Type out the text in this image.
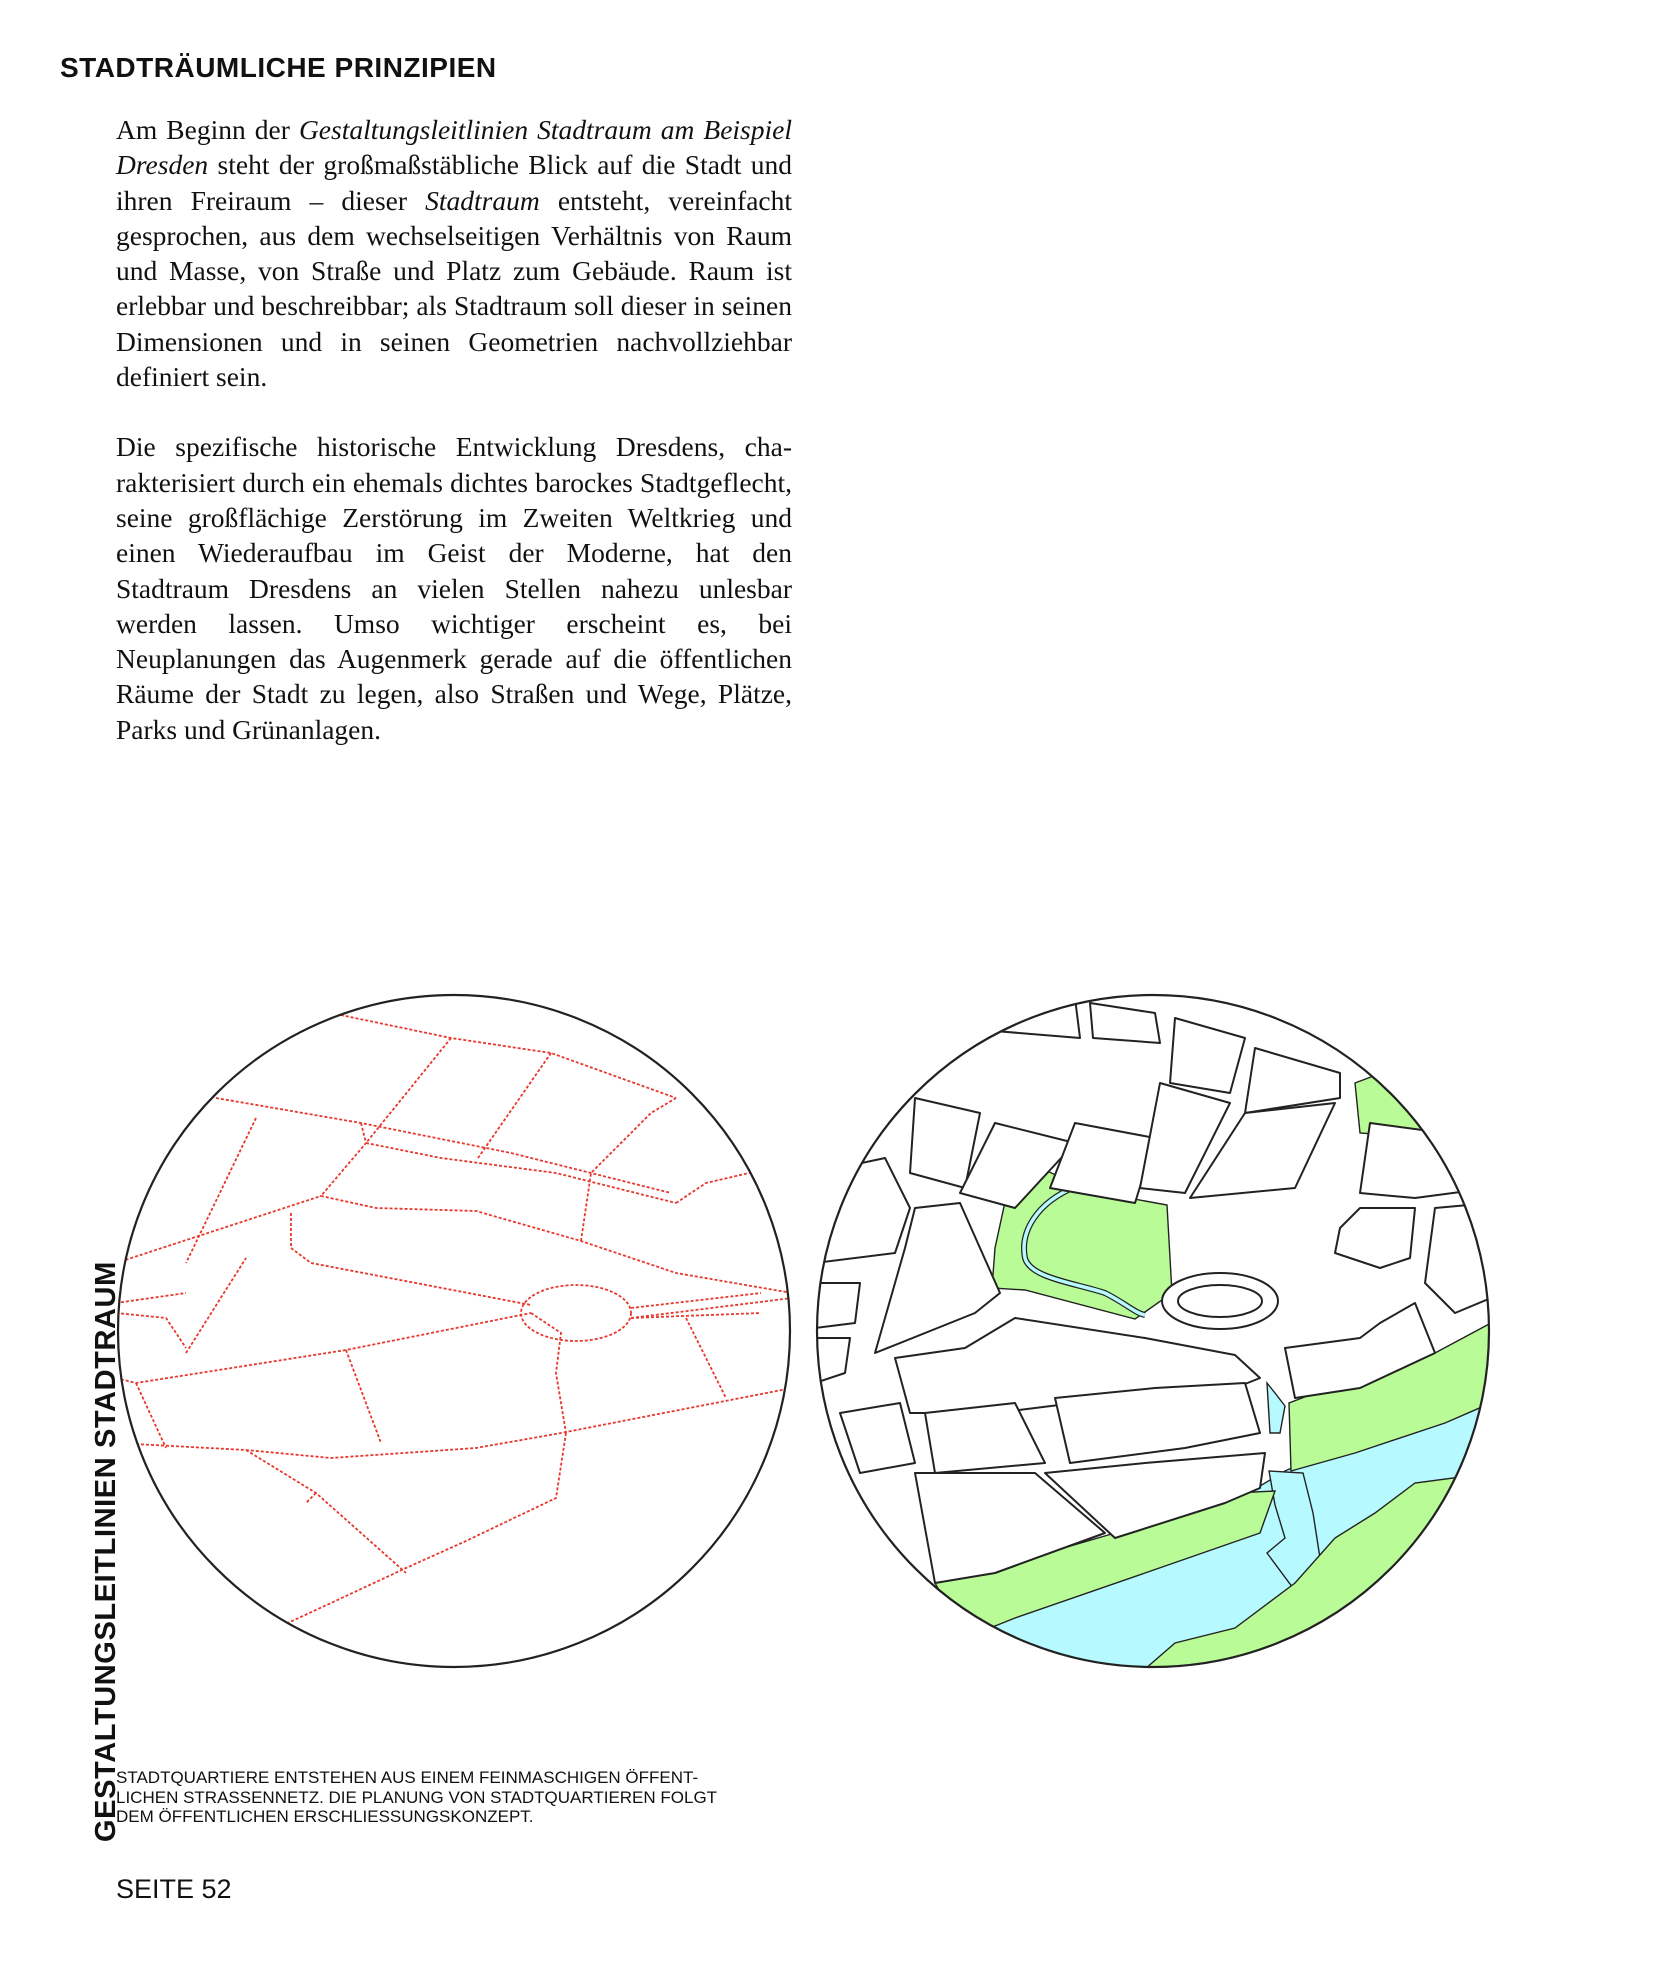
STADTRÄUMLICHE PRINZIPIEN

Am Beginn der Gestaltungsleitlinien Stadtraum am Beispiel Dresden steht der großmaßstäbliche Blick auf die Stadt und ihren Freiraum – dieser Stadtraum entsteht, vereinfacht gesprochen, aus dem wechselseitigen Verhältnis von Raum und Masse, von Straße und Platz zum Gebäude. Raum ist erlebbar und beschreibbar; als Stadtraum soll dieser in seinen Dimensionen und in seinen Geometrien nachvollziehbar definiert sein.

Die spezifische historische Entwicklung Dresdens, charakterisiert durch ein ehemals dichtes barockes Stadtgeflecht, seine großflächige Zerstörung im Zweiten Weltkrieg und einen Wiederaufbau im Geist der Moderne, hat den Stadtraum Dresdens an vielen Stellen nahezu unlesbar werden lassen. Umso wichtiger erscheint es, bei Neuplanungen das Augenmerk gerade auf die öffentlichen Räume der Stadt zu legen, also Straßen und Wege, Plätze, Parks und Grünanlagen.

GESTALTUNGSLEITLINIEN STADTRAUM
STADTQUARTIERE ENTSTEHEN AUS EINEM FEINMASCHIGEN ÖFFENT-
LICHEN STRASSENNETZ. DIE PLANUNG VON STADTQUARTIEREN FOLGT
DEM ÖFFENTLICHEN ERSCHLIESSUNGSKONZEPT.
SEITE 52
